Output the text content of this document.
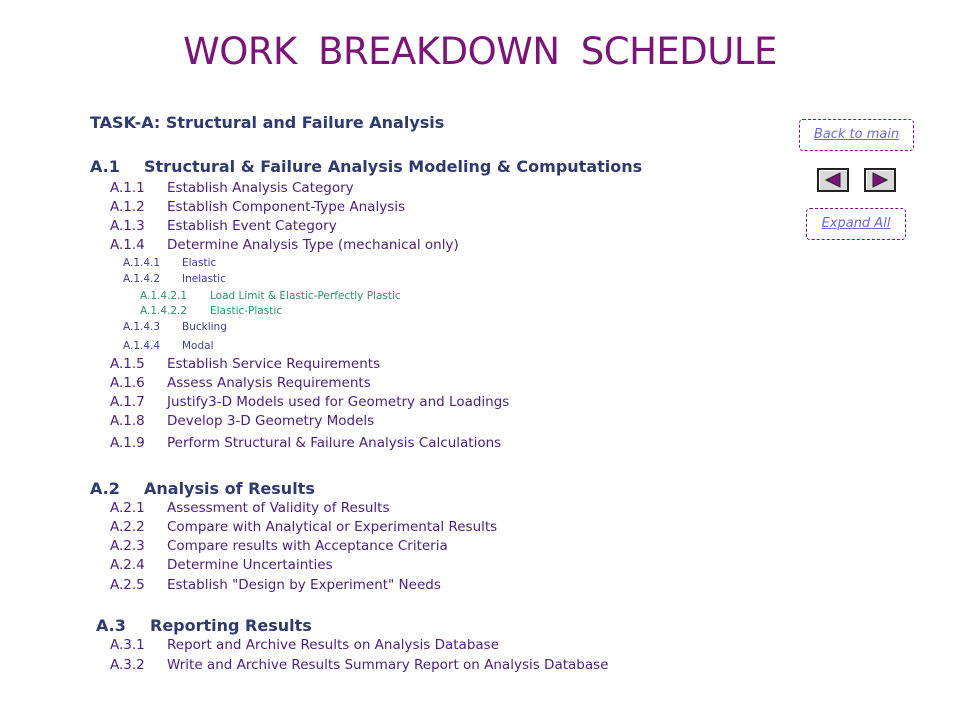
WORK BREAKDOWN SCHEDULE
TASK-A: Structural and Failure Analysis
A.1 Structural & Failure Analysis Modeling & Computations
A.1.1 Establish Analysis Category
A.1.2 Establish Component-Type Analysis
A.1.3 Establish Event Category
A.1.4 Determine Analysis Type (mechanical only)
A.1.4.1 Elastic
A.1.4.2 Inelastic
A.1.4.2.1 Load Limit & Elastic-Perfectly Plastic
A.1.4.2.2 Elastic-Plastic
A.1.4.3 Buckling
A.1.4.4 Modal
A.1.5 Establish Service Requirements
A.1.6 Assess Analysis Requirements
A.1.7 Justify3-D Models used for Geometry and Loadings
A.1.8 Develop 3-D Geometry Models
A.1.9 Perform Structural & Failure Analysis Calculations
A.2 Analysis of Results
A.2.1 Assessment of Validity of Results
A.2.2 Compare with Analytical or Experimental Results
A.2.3 Compare results with Acceptance Criteria
A.2.4 Determine Uncertainties
A.2.5 Establish "Design by Experiment" Needs
A.3 Reporting Results
A.3.1 Report and Archive Results on Analysis Database
A.3.2 Write and Archive Results Summary Report on Analysis Database
Back to main
Expand All
